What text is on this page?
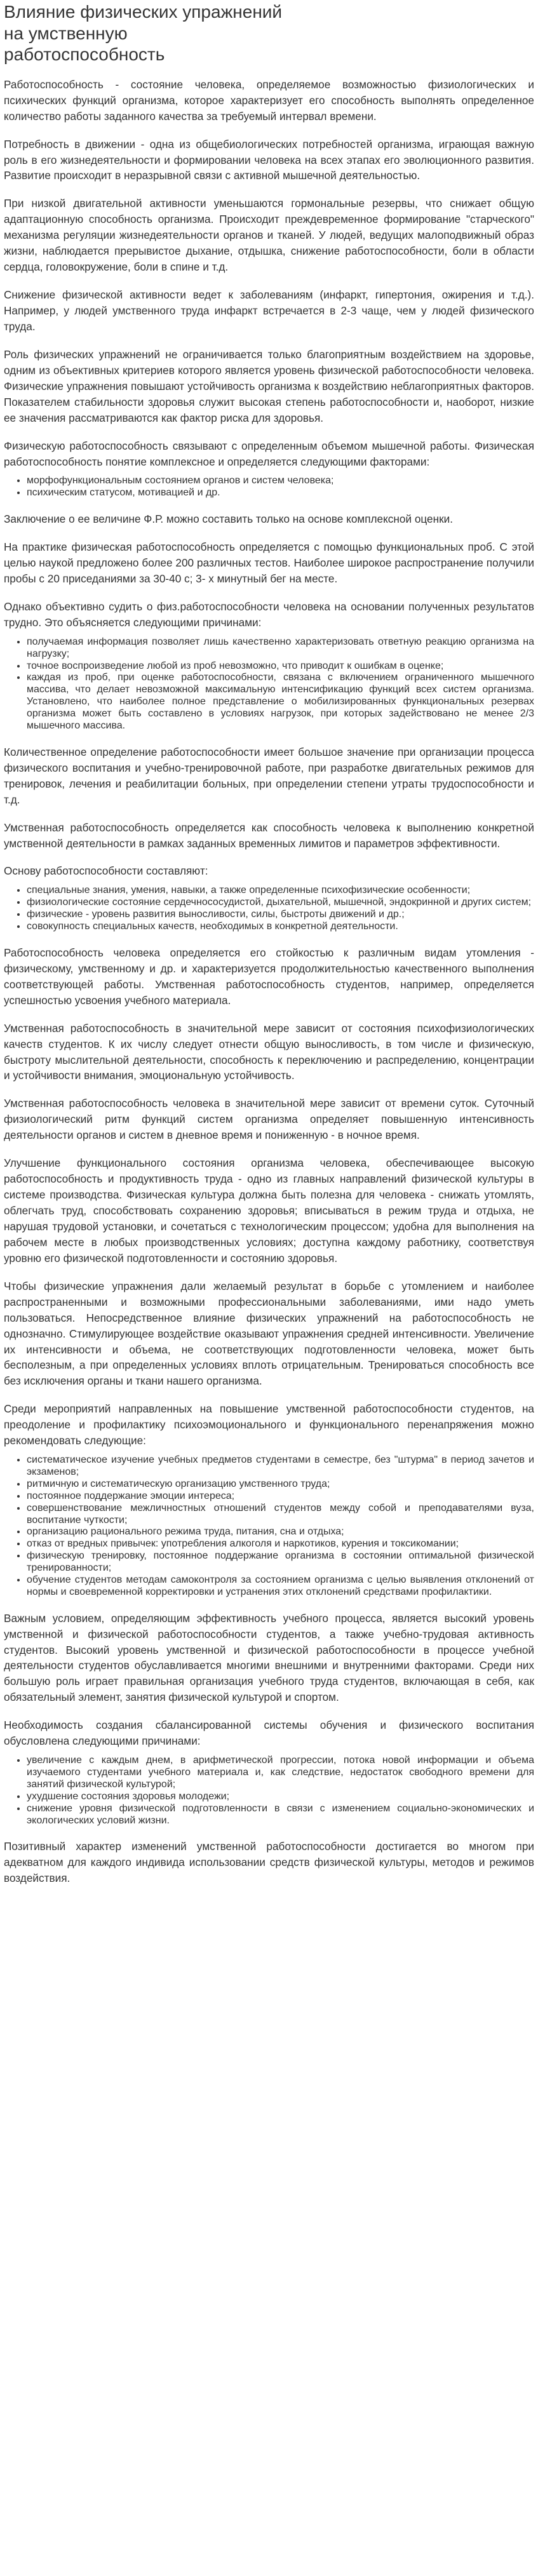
Влияние физических упражнений на умственную работоспособность

Работоспособность - состояние человека, определяемое возможностью физиологических и психических функций организма, которое характеризует его способность выполнять определенное количество работы заданного качества за требуемый интервал времени.

Потребность в движении - одна из общебиологических потребностей организма, играющая важную роль в его жизнедеятельности и формировании человека на всех этапах его эволюционного развития. Развитие происходит в неразрывной связи с активной мышечной деятельностью.

При низкой двигательной активности уменьшаются гормональные резервы, что снижает общую адаптационную способность организма. Происходит преждевременное формирование "старческого" механизма регуляции жизнедеятельности органов и тканей. У людей, ведущих малоподвижный образ жизни, наблюдается прерывистое дыхание, отдышка, снижение работоспособности, боли в области сердца, головокружение, боли в спине и т.д.

Снижение физической активности ведет к заболеваниям (инфаркт, гипертония, ожирения и т.д.). Например, у людей умственного труда инфаркт встречается в 2-3 чаще, чем у людей физического труда.

Роль физических упражнений не ограничивается только благоприятным воздействием на здоровье, одним из объективных критериев которого является уровень физической работоспособности человека. Физические упражнения повышают устойчивость организма к воздействию неблагоприятных факторов. Показателем стабильности здоровья служит высокая степень работоспособности и, наоборот, низкие ее значения рассматриваются как фактор риска для здоровья.

Физическую работоспособность связывают с определенным объемом мышечной работы. Физическая работоспособность понятие комплексное и определяется следующими факторами:

• морфофункциональным состоянием органов и систем человека;
• психическим статусом, мотивацией и др.

Заключение о ее величине Ф.Р. можно составить только на основе комплексной оценки.

На практике физическая работоспособность определяется с помощью функциональных проб. С этой целью наукой предложено более 200 различных тестов. Наиболее широкое распространение получили пробы с 20 приседаниями за 30-40 с; 3- х минутный бег на месте.

Однако объективно судить о физ.работоспособности человека на основании полученных результатов трудно. Это объясняется следующими причинами:

• получаемая информация позволяет лишь качественно характеризовать ответную реакцию организма на нагрузку;
• точное воспроизведение любой из проб невозможно, что приводит к ошибкам в оценке;
• каждая из проб, при оценке работоспособности, связана с включением ограниченного мышечного массива, что делает невозможной максимальную интенсификацию функций всех систем организма. Установлено, что наиболее полное представление о мобилизированных функциональных резервах организма может быть составлено в условиях нагрузок, при которых задействовано не менее 2/3 мышечного массива.

Количественное определение работоспособности имеет большое значение при организации процесса физического воспитания и учебно-тренировочной работе, при разработке двигательных режимов для тренировок, лечения и реабилитации больных, при определении степени утраты трудоспособности и т.д.

Умственная работоспособность определяется как способность человека к выполнению конкретной умственной деятельности в рамках заданных временных лимитов и параметров эффективности.

Основу работоспособности составляют:

• специальные знания, умения, навыки, а также определенные психофизические особенности;
• физиологические состояние сердечнососудистой, дыхательной, мышечной, эндокринной и других систем;
• физические - уровень развития выносливости, силы, быстроты движений и др.;
• совокупность специальных качеств, необходимых в конкретной деятельности.

Работоспособность человека определяется его стойкостью к различным видам утомления - физическому, умственному и др. и характеризуется продолжительностью качественного выполнения соответствующей работы. Умственная работоспособность студентов, например, определяется успешностью усвоения учебного материала.

Умственная работоспособность в значительной мере зависит от состояния психофизиологических качеств студентов. К их числу следует отнести общую выносливость, в том числе и физическую, быстроту мыслительной деятельности, способность к переключению и распределению, концентрации и устойчивости внимания, эмоциональную устойчивость.

Умственная работоспособность человека в значительной мере зависит от времени суток. Суточный физиологический ритм функций систем организма определяет повышенную интенсивность деятельности органов и систем в дневное время и пониженную - в ночное время.

Улучшение функционального состояния организма человека, обеспечивающее высокую работоспособность и продуктивность труда - одно из главных направлений физической культуры в системе производства. Физическая культура должна быть полезна для человека - снижать утомлять, облегчать труд, способствовать сохранению здоровья; вписываться в режим труда и отдыха, не нарушая трудовой установки, и сочетаться с технологическим процессом; удобна для выполнения на рабочем месте в любых производственных условиях; доступна каждому работнику, соответствуя уровню его физической подготовленности и состоянию здоровья.

Чтобы физические упражнения дали желаемый результат в борьбе с утомлением и наиболее распространенными и возможными профессиональными заболеваниями, ими надо уметь пользоваться. Непосредственное влияние физических упражнений на работоспособность не однозначно. Стимулирующее воздействие оказывают упражнения средней интенсивности. Увеличение их интенсивности и объема, не соответствующих подготовленности человека, может быть бесполезным, а при определенных условиях вплоть отрицательным. Тренироваться способность все без исключения органы и ткани нашего организма.

Среди мероприятий направленных на повышение умственной работоспособности студентов, на преодоление и профилактику психоэмоционального и функционального перенапряжения можно рекомендовать следующие:

• систематическое изучение учебных предметов студентами в семестре, без "штурма" в период зачетов и экзаменов;
• ритмичную и систематическую организацию умственного труда;
• постоянное поддержание эмоции интереса;
• совершенствование межличностных отношений студентов между собой и преподавателями вуза, воспитание чуткости;
• организацию рационального режима труда, питания, сна и отдыха;
• отказ от вредных привычек: употребления алкоголя и наркотиков, курения и токсикомании;
• физическую тренировку, постоянное поддержание организма в состоянии оптимальной физической тренированности;
• обучение студентов методам самоконтроля за состоянием организма с целью выявления отклонений от нормы и своевременной корректировки и устранения этих отклонений средствами профилактики.

Важным условием, определяющим эффективность учебного процесса, является высокий уровень умственной и физической работоспособности студентов, а также учебно-трудовая активность студентов. Высокий уровень умственной и физической работоспособности в процессе учебной деятельности студентов обуславливается многими внешними и внутренними факторами. Среди них большую роль играет правильная организация учебного труда студентов, включающая в себя, как обязательный элемент, занятия физической культурой и спортом.

Необходимость создания сбалансированной системы обучения и физического воспитания обусловлена следующими причинами:

• увеличение с каждым днем, в арифметической прогрессии, потока новой информации и объема изучаемого студентами учебного материала и, как следствие, недостаток свободного времени для занятий физической культурой;
• ухудшение состояния здоровья молодежи;
• снижение уровня физической подготовленности в связи с изменением социально-экономических и экологических условий жизни.

Позитивный характер изменений умственной работоспособности достигается во многом при адекватном для каждого индивида использовании средств физической культуры, методов и режимов воздействия.
